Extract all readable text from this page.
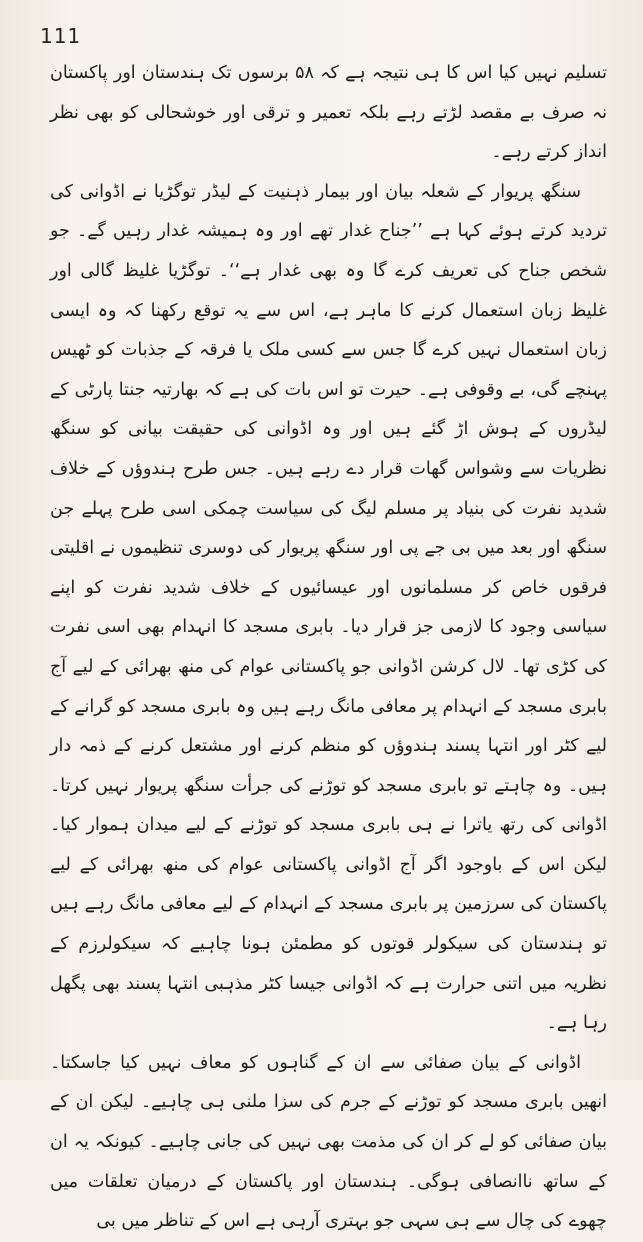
111

تسلیم نہیں کیا اس کا ہی نتیجہ ہے کہ ۵۸ برسوں تک ہندستان اور پاکستان نہ صرف بے مقصد لڑتے رہے بلکہ تعمیر و ترقی اور خوشحالی کو بھی نظر انداز کرتے رہے۔

سنگھ پریوار کے شعلہ بیان اور بیمار ذہنیت کے لیڈر توگڑیا نے اڈوانی کی تردید کرتے ہوئے کہا ہے ’’جناح غدار تھے اور وہ ہمیشہ غدار رہیں گے۔ جو شخص جناح کی تعریف کرے گا وہ بھی غدار ہے‘‘۔ توگڑیا غلیظ گالی اور غلیظ زبان استعمال کرنے کا ماہر ہے، اس سے یہ توقع رکھنا کہ وہ ایسی زبان استعمال نہیں کرے گا جس سے کسی ملک یا فرقہ کے جذبات کو ٹھیس پہنچے گی، بے وقوفی ہے۔ حیرت تو اس بات کی ہے کہ بھارتیہ جنتا پارٹی کے لیڈروں کے ہوش اڑ گئے ہیں اور وہ اڈوانی کی حقیقت بیانی کو سنگھ نظریات سے وشواس گھات قرار دے رہے ہیں۔ جس طرح ہندوؤں کے خلاف شدید نفرت کی بنیاد پر مسلم لیگ کی سیاست چمکی اسی طرح پہلے جن سنگھ اور بعد میں بی جے پی اور سنگھ پریوار کی دوسری تنظیموں نے اقلیتی فرقوں خاص کر مسلمانوں اور عیسائیوں کے خلاف شدید نفرت کو اپنے سیاسی وجود کا لازمی جز قرار دیا۔ بابری مسجد کا انہدام بھی اسی نفرت کی کڑی تھا۔ لال کرشن اڈوانی جو پاکستانی عوام کی منھ بھرائی کے لیے آج بابری مسجد کے انہدام پر معافی مانگ رہے ہیں وہ بابری مسجد کو گرانے کے لیے کٹر اور انتہا پسند ہندوؤں کو منظم کرنے اور مشتعل کرنے کے ذمہ دار ہیں۔ وہ چاہتے تو بابری مسجد کو توڑنے کی جرأت سنگھ پریوار نہیں کرتا۔ اڈوانی کی رتھ یاترا نے ہی بابری مسجد کو توڑنے کے لیے میدان ہموار کیا۔ لیکن اس کے باوجود اگر آج اڈوانی پاکستانی عوام کی منھ بھرائی کے لیے پاکستان کی سرزمین پر بابری مسجد کے انہدام کے لیے معافی مانگ رہے ہیں تو ہندستان کی سیکولر قوتوں کو مطمئن ہونا چاہیے کہ سیکولرزم کے نظریہ میں اتنی حرارت ہے کہ اڈوانی جیسا کٹر مذہبی انتہا پسند بھی پگھل رہا ہے۔

اڈوانی کے بیان صفائی سے ان کے گناہوں کو معاف نہیں کیا جاسکتا۔ انھیں بابری مسجد کو توڑنے کے جرم کی سزا ملنی ہی چاہیے۔ لیکن ان کے بیان صفائی کو لے کر ان کی مذمت بھی نہیں کی جانی چاہیے۔ کیونکہ یہ ان کے ساتھ ناانصافی ہوگی۔ ہندستان اور پاکستان کے درمیان تعلقات میں چھوے کی چال سے ہی سہی جو بہتری آرہی ہے اس کے تناظر میں بی
